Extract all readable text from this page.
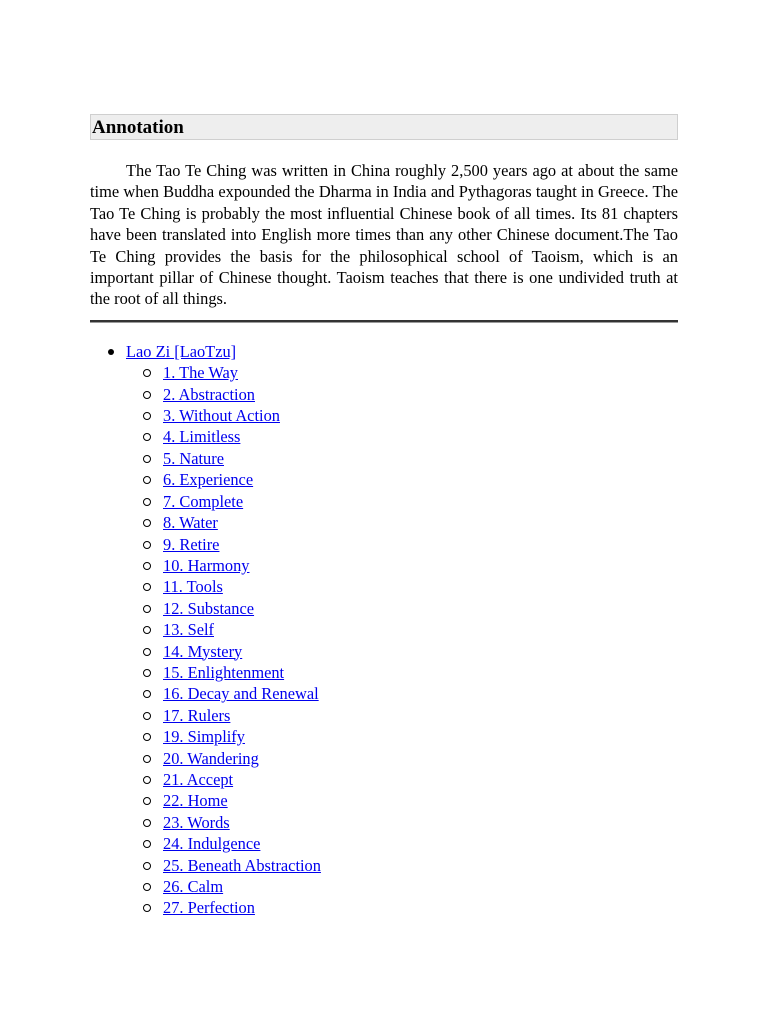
Annotation

The Tao Te Ching was written in China roughly 2,500 years ago at about the same time when Buddha expounded the Dharma in India and Pythagoras taught in Greece. The Tao Te Ching is probably the most influential Chinese book of all times. Its 81 chapters have been translated into English more times than any other Chinese document.The Tao Te Ching provides the basis for the philosophical school of Taoism, which is an important pillar of Chinese thought. Taoism teaches that there is one undivided truth at the root of all things.

Lao Zi [LaoTzu]
1. The Way
2. Abstraction
3. Without Action
4. Limitless
5. Nature
6. Experience
7. Complete
8. Water
9. Retire
10. Harmony
11. Tools
12. Substance
13. Self
14. Mystery
15. Enlightenment
16. Decay and Renewal
17. Rulers
19. Simplify
20. Wandering
21. Accept
22. Home
23. Words
24. Indulgence
25. Beneath Abstraction
26. Calm
27. Perfection
